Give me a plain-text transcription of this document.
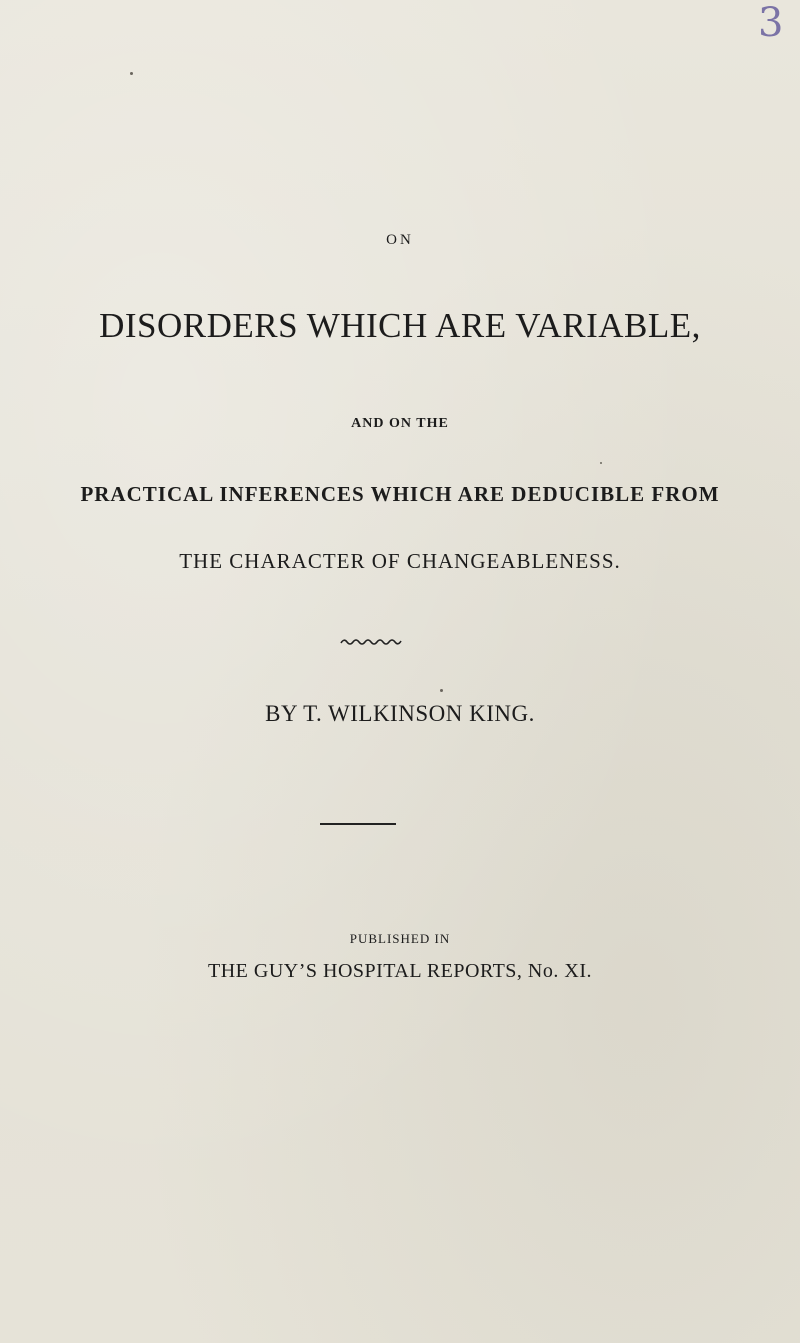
3
ON
DISORDERS WHICH ARE VARIABLE,
AND ON THE
PRACTICAL INFERENCES WHICH ARE DEDUCIBLE FROM
THE CHARACTER OF CHANGEABLENESS.
BY T. WILKINSON KING.
PUBLISHED IN
THE GUY’S HOSPITAL REPORTS, No. XI.
